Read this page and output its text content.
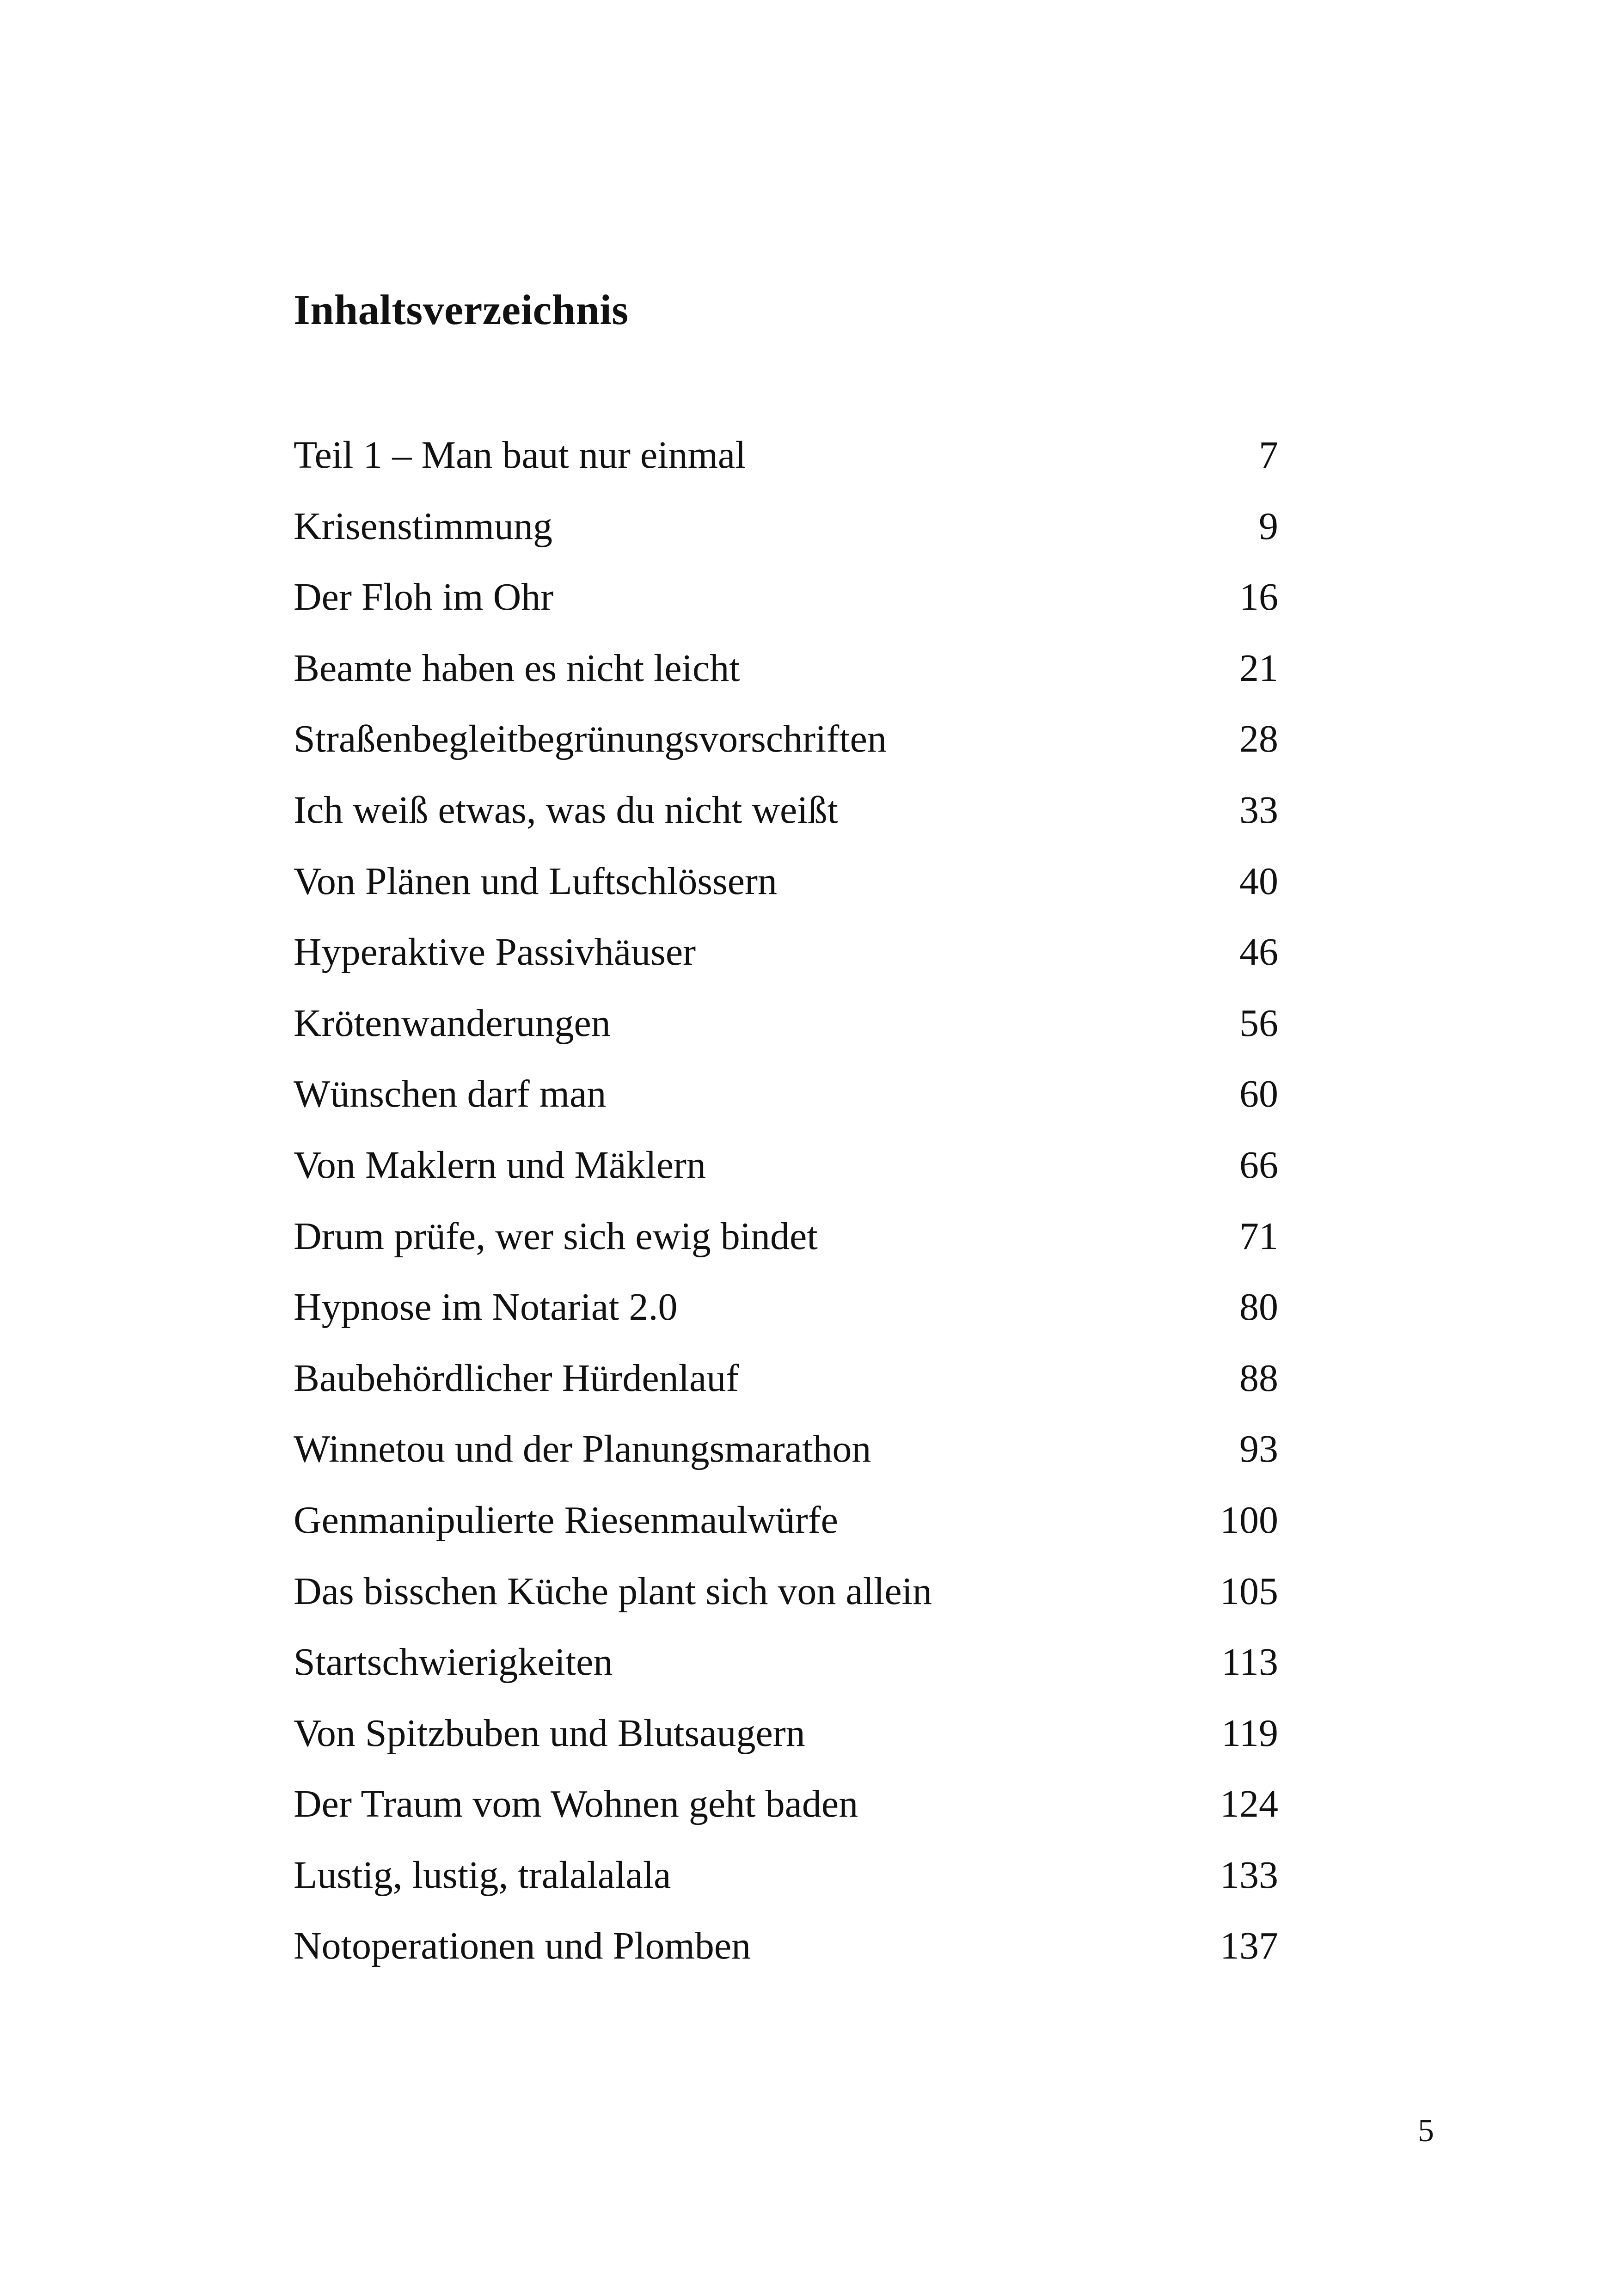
Inhaltsverzeichnis
Teil 1 – Man baut nur einmal	7
Krisenstimmung	9
Der Floh im Ohr	16
Beamte haben es nicht leicht	21
Straßenbegleitbegrünungsvorschriften	28
Ich weiß etwas, was du nicht weißt	33
Von Plänen und Luftschlössern	40
Hyperaktive Passivhäuser	46
Krötenwanderungen	56
Wünschen darf man	60
Von Maklern und Mäklern	66
Drum prüfe, wer sich ewig bindet	71
Hypnose im Notariat 2.0	80
Baubehördlicher Hürdenlauf	88
Winnetou und der Planungsmarathon	93
Genmanipulierte Riesenmaulwürfe	100
Das bisschen Küche plant sich von allein	105
Startschwierigkeiten	113
Von Spitzbuben und Blutsaugern	119
Der Traum vom Wohnen geht baden	124
Lustig, lustig, tralalalala	133
Notoperationen und Plomben	137
5
